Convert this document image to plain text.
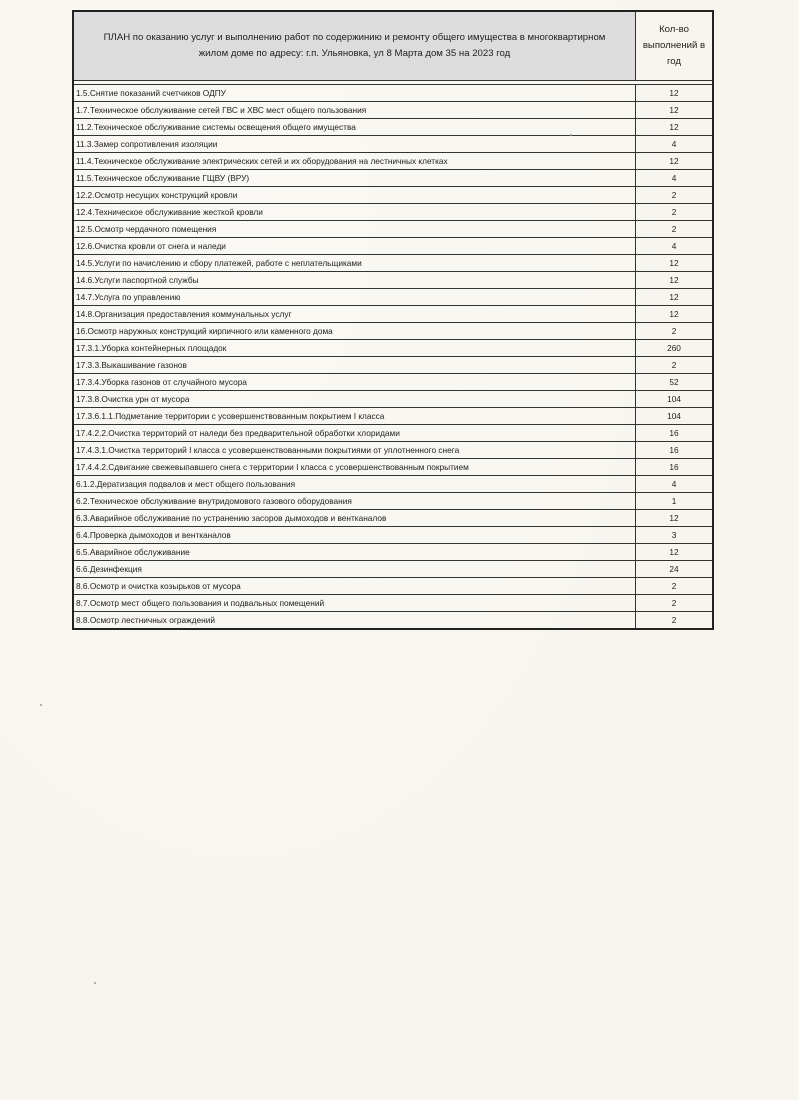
ПЛАН по оказанию услуг и выполнению работ по содержинию и ремонту общего имущества в многоквартирном жилом доме по адресу: г.п. Ульяновка, ул 8 Марта дом 35 на 2023 год	Кол-во выполнений в год

1.5.Снятие показаний счетчиков ОДПУ	12
1.7.Техническое обслуживание сетей ГВС и ХВС мест общего пользования	12
11.2.Техническое обслуживание системы освещения общего имущества	12
11.3.Замер сопротивления изоляции	4
11.4.Техническое обслуживание электрических сетей и их оборудования на лестничных клетках	12
11.5.Техническое обслуживание ГЩВУ (ВРУ)	4
12.2.Осмотр несущих конструкций кровли	2
12.4.Техническое обслуживание жесткой кровли	2
12.5.Осмотр чердачного помещения	2
12.6.Очистка кровли от снега и наледи	4
14.5.Услуги по начислению и сбору платежей, работе с неплательщиками	12
14.6.Услуги паспортной службы	12
14.7.Услуга по управлению	12
14.8.Организация предоставления коммунальных услуг	12
16.Осмотр наружных конструкций кирпичного или каменного дома	2
17.3.1.Уборка контейнерных площадок	260
17.3.3.Выкашивание газонов	2
17.3.4.Уборка газонов от случайного мусора	52
17.3.8.Очистка урн от мусора	104
17.3.6.1.1.Подметание территории с усовершенствованным покрытием I класса	104
17.4.2.2.Очистка территорий от наледи без предварительной обработки хлоридами	16
17.4.3.1.Очистка территорий I класса с усовершенствованными покрытиями от уплотненного снега	16
17.4.4.2.Сдвигание свежевыпавшего снега с территории I класса с усовершенствованным покрытием	16
6.1.2.Дератизация подвалов и мест общего пользования	4
6.2.Техническое обслуживание внутридомового газового оборудования	1
6.3.Аварийное обслуживание по устранению засоров дымоходов и вентканалов	12
6.4.Проверка дымоходов и вентканалов	3
6.5.Аварийное обслуживание	12
6.6.Дезинфекция	24
8.6.Осмотр и очистка козырьков от мусора	2
8.7.Осмотр мест общего пользования и подвальных помещений	2
8.8.Осмотр лестничных ограждений	2
